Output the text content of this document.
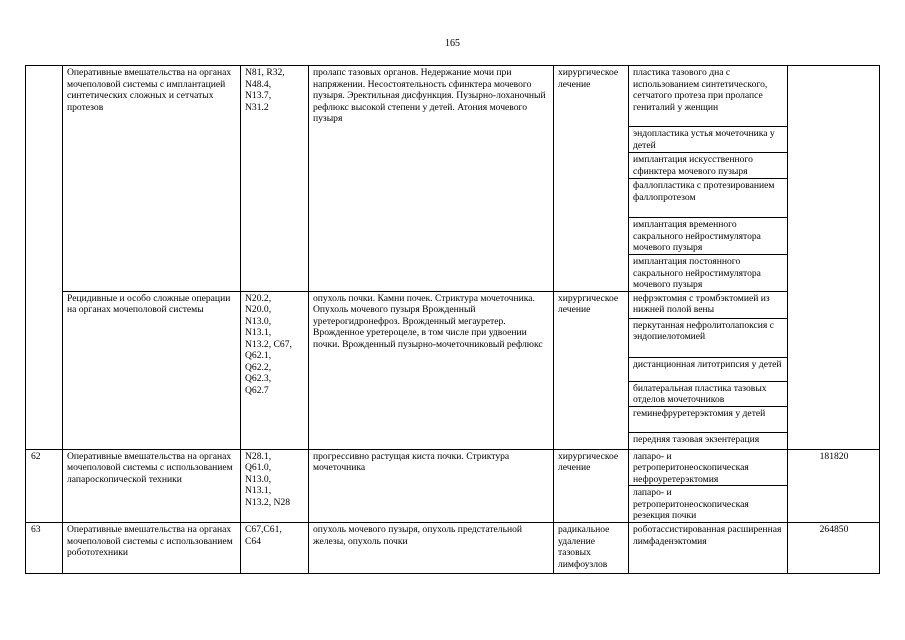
165
	Оперативные вмешательства на органах мочеполовой системы с имплантацией синтетических сложных и сетчатых протезов	N81, R32, N48.4, N13.7, N31.2	пролапс тазовых органов. Недержание мочи при напряжении. Несостоятельность сфинктера мочевого пузыря. Эректильная дисфункция. Пузырно-лоханочный рефлюкс высокой степени у детей. Атония мочевого пузыря	хирургическое лечение	пластика тазового дна с использованием синтетического, сетчатого протеза при пролапсе гениталий у женщин	
					эндопластика устья мочеточника у детей	
					имплантация искусственного сфинктера мочевого пузыря	
					фаллопластика с протезированием фаллопротезом	
					имплантация временного сакрального нейростимулятора мочевого пузыря	
					имплантация постоянного сакрального нейростимулятора мочевого пузыря	
	Рецидивные и особо сложные операции на органах мочеполовой системы	N20.2, N20.0, N13.0, N13.1, N13.2, C67, Q62.1, Q62.2, Q62.3, Q62.7	опухоль почки. Камни почек. Стриктура мочеточника. Опухоль мочевого пузыря Врожденный уретерогидронефроз. Врожденный мегауретер. Врожденное уретероцеле, в том числе при удвоении почки. Врожденный пузырно-мочеточниковый рефлюкс	хирургическое лечение	нефрэктомия с тромбэктомией из нижней полой вены	
					перкутанная нефролитолапоксия с эндопиелотомией	
					дистанционная литотрипсия у детей	
					билатеральная пластика тазовых отделов мочеточников	
					геминефруретерэктомия у детей	
					передняя тазовая экзентерация	
62	Оперативные вмешательства на органах мочеполовой системы с использованием лапароскопической техники	N28.1, Q61.0, N13.0, N13.1, N13.2, N28	прогрессивно растущая киста почки. Стриктура мочеточника	хирургическое лечение	лапаро- и ретроперитонеоскопическая нефроуретерэктомия	181820
					лапаро- и ретроперитонеоскопическая резекция почки	
63	Оперативные вмешательства на органах мочеполовой системы с использованием робототехники	C67,C61, C64	опухоль мочевого пузыря, опухоль предстательной железы, опухоль почки	радикальное удаление тазовых лимфоузлов	роботассистированная расширенная лимфаденэктомия	264850
